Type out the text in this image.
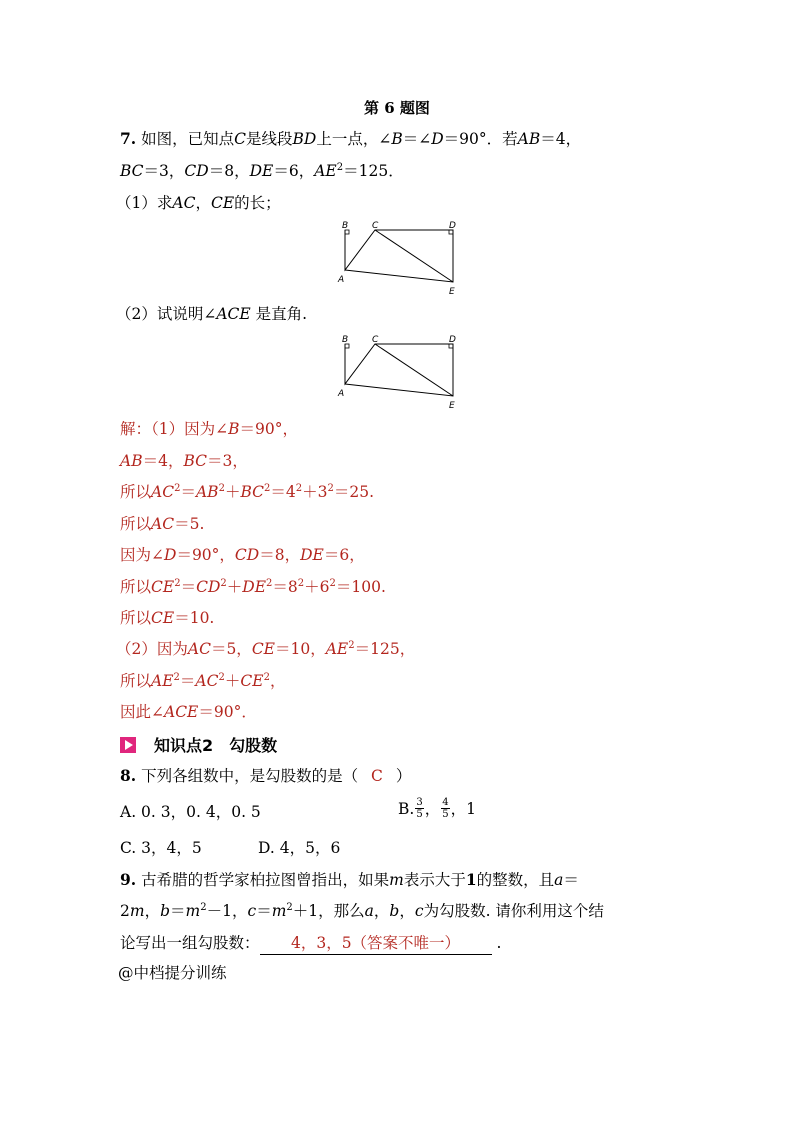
第 6 题图
7. 如图，已知点C是线段BD上一点，∠B＝∠D＝90°．若AB＝4，
BC＝3，CD＝8，DE＝6，$AE^2=125$．
（1）求AC，CE的长；
B	C	D
A
E
（2）试说明∠ACE 是直角.
B	C	D
A
E
解：（1）因为∠B＝90°，
AB＝4，BC＝3，
所以$AC^2=AB^2+BC^2=4^2+3^2=25$.
所以AC＝5.
因为∠D＝90°，CD＝8，DE＝6，
所以$CE^2=CD^2+DE^2=8^2+6^2=100$.
所以CE＝10.
（2）因为AC＝5，CE＝10，$AE^2=125$，
所以$AE^2=AC^2+CE^2$，
因此∠ACE＝90°．
知识点2　勾股数
8. 下列各组数中，是勾股数的是（ C ）
A. 0. 3，0. 4，0. 5	B. $\frac{3}{5}$ ， $\frac{4}{5}$ ，1
C. 3，4，5	D. 4，5，6
9. 古希腊的哲学家柏拉图曾指出，如果m表示大于1的整数，且a＝
2m，$b=m^2-1$，$c=m^2+1$，那么a，b，c为勾股数. 请你利用这个结
论写出一组勾股数： 4，3，5（答案不唯一） .
@中档提分训练
